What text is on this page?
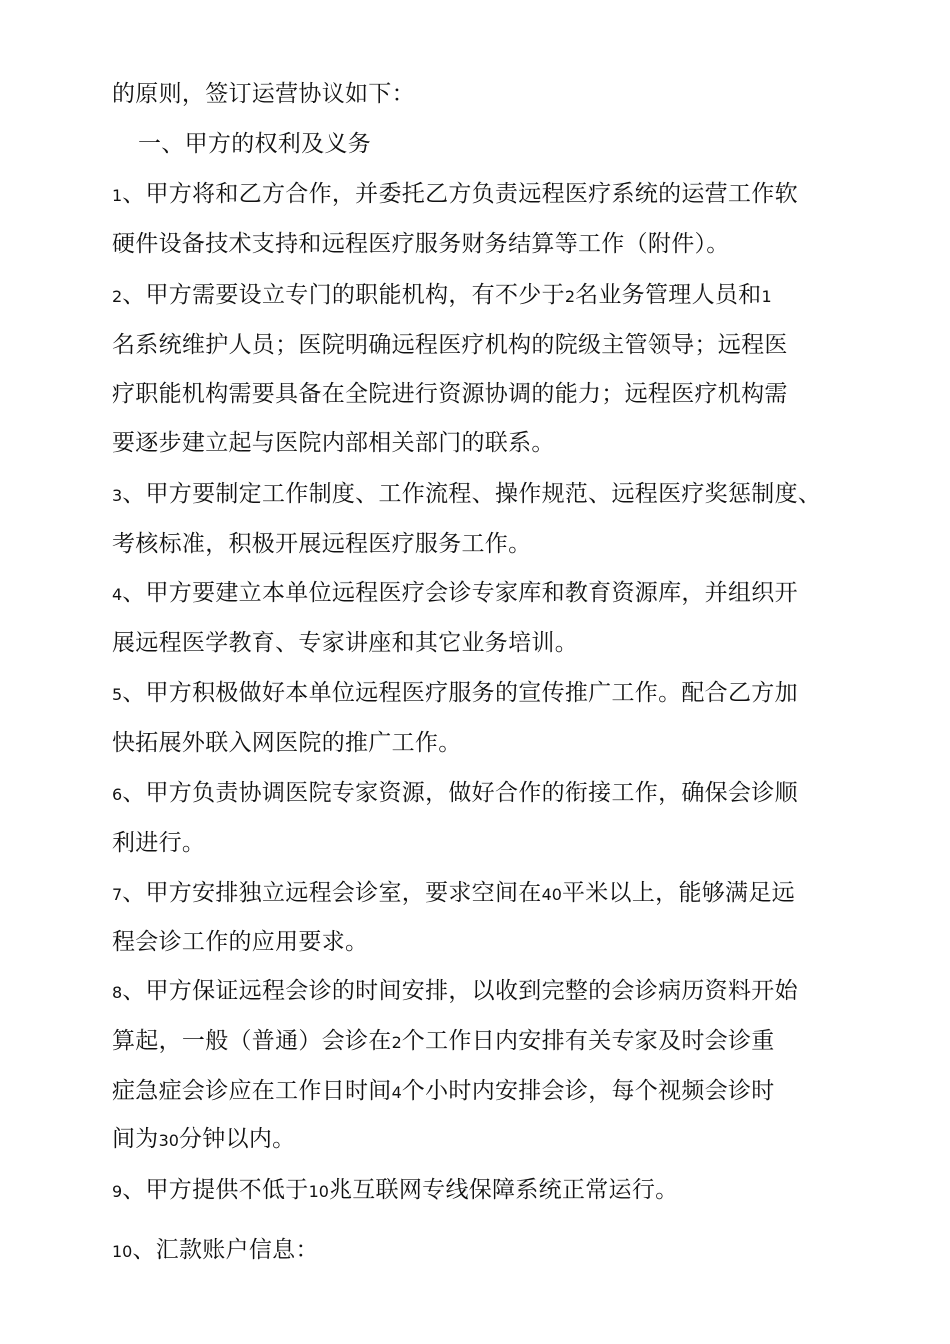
的原则，签订运营协议如下：
一、甲方的权利及义务
1、甲方将和乙方合作，并委托乙方负责远程医疗系统的运营工作软
硬件设备技术支持和远程医疗服务财务结算等工作（附件）。
2、甲方需要设立专门的职能机构，有不少于2名业务管理人员和1
名系统维护人员；医院明确远程医疗机构的院级主管领导；远程医
疗职能机构需要具备在全院进行资源协调的能力；远程医疗机构需
要逐步建立起与医院内部相关部门的联系。
3、甲方要制定工作制度、工作流程、操作规范、远程医疗奖惩制度、
考核标准，积极开展远程医疗服务工作。
4、甲方要建立本单位远程医疗会诊专家库和教育资源库，并组织开
展远程医学教育、专家讲座和其它业务培训。
5、甲方积极做好本单位远程医疗服务的宣传推广工作。配合乙方加
快拓展外联入网医院的推广工作。
6、甲方负责协调医院专家资源，做好合作的衔接工作，确保会诊顺
利进行。
7、甲方安排独立远程会诊室，要求空间在40平米以上，能够满足远
程会诊工作的应用要求。
8、甲方保证远程会诊的时间安排，以收到完整的会诊病历资料开始
算起，一般（普通）会诊在2个工作日内安排有关专家及时会诊重
症急症会诊应在工作日时间4个小时内安排会诊，每个视频会诊时
间为30分钟以内。
9、甲方提供不低于10兆互联网专线保障系统正常运行。
10、汇款账户信息：
